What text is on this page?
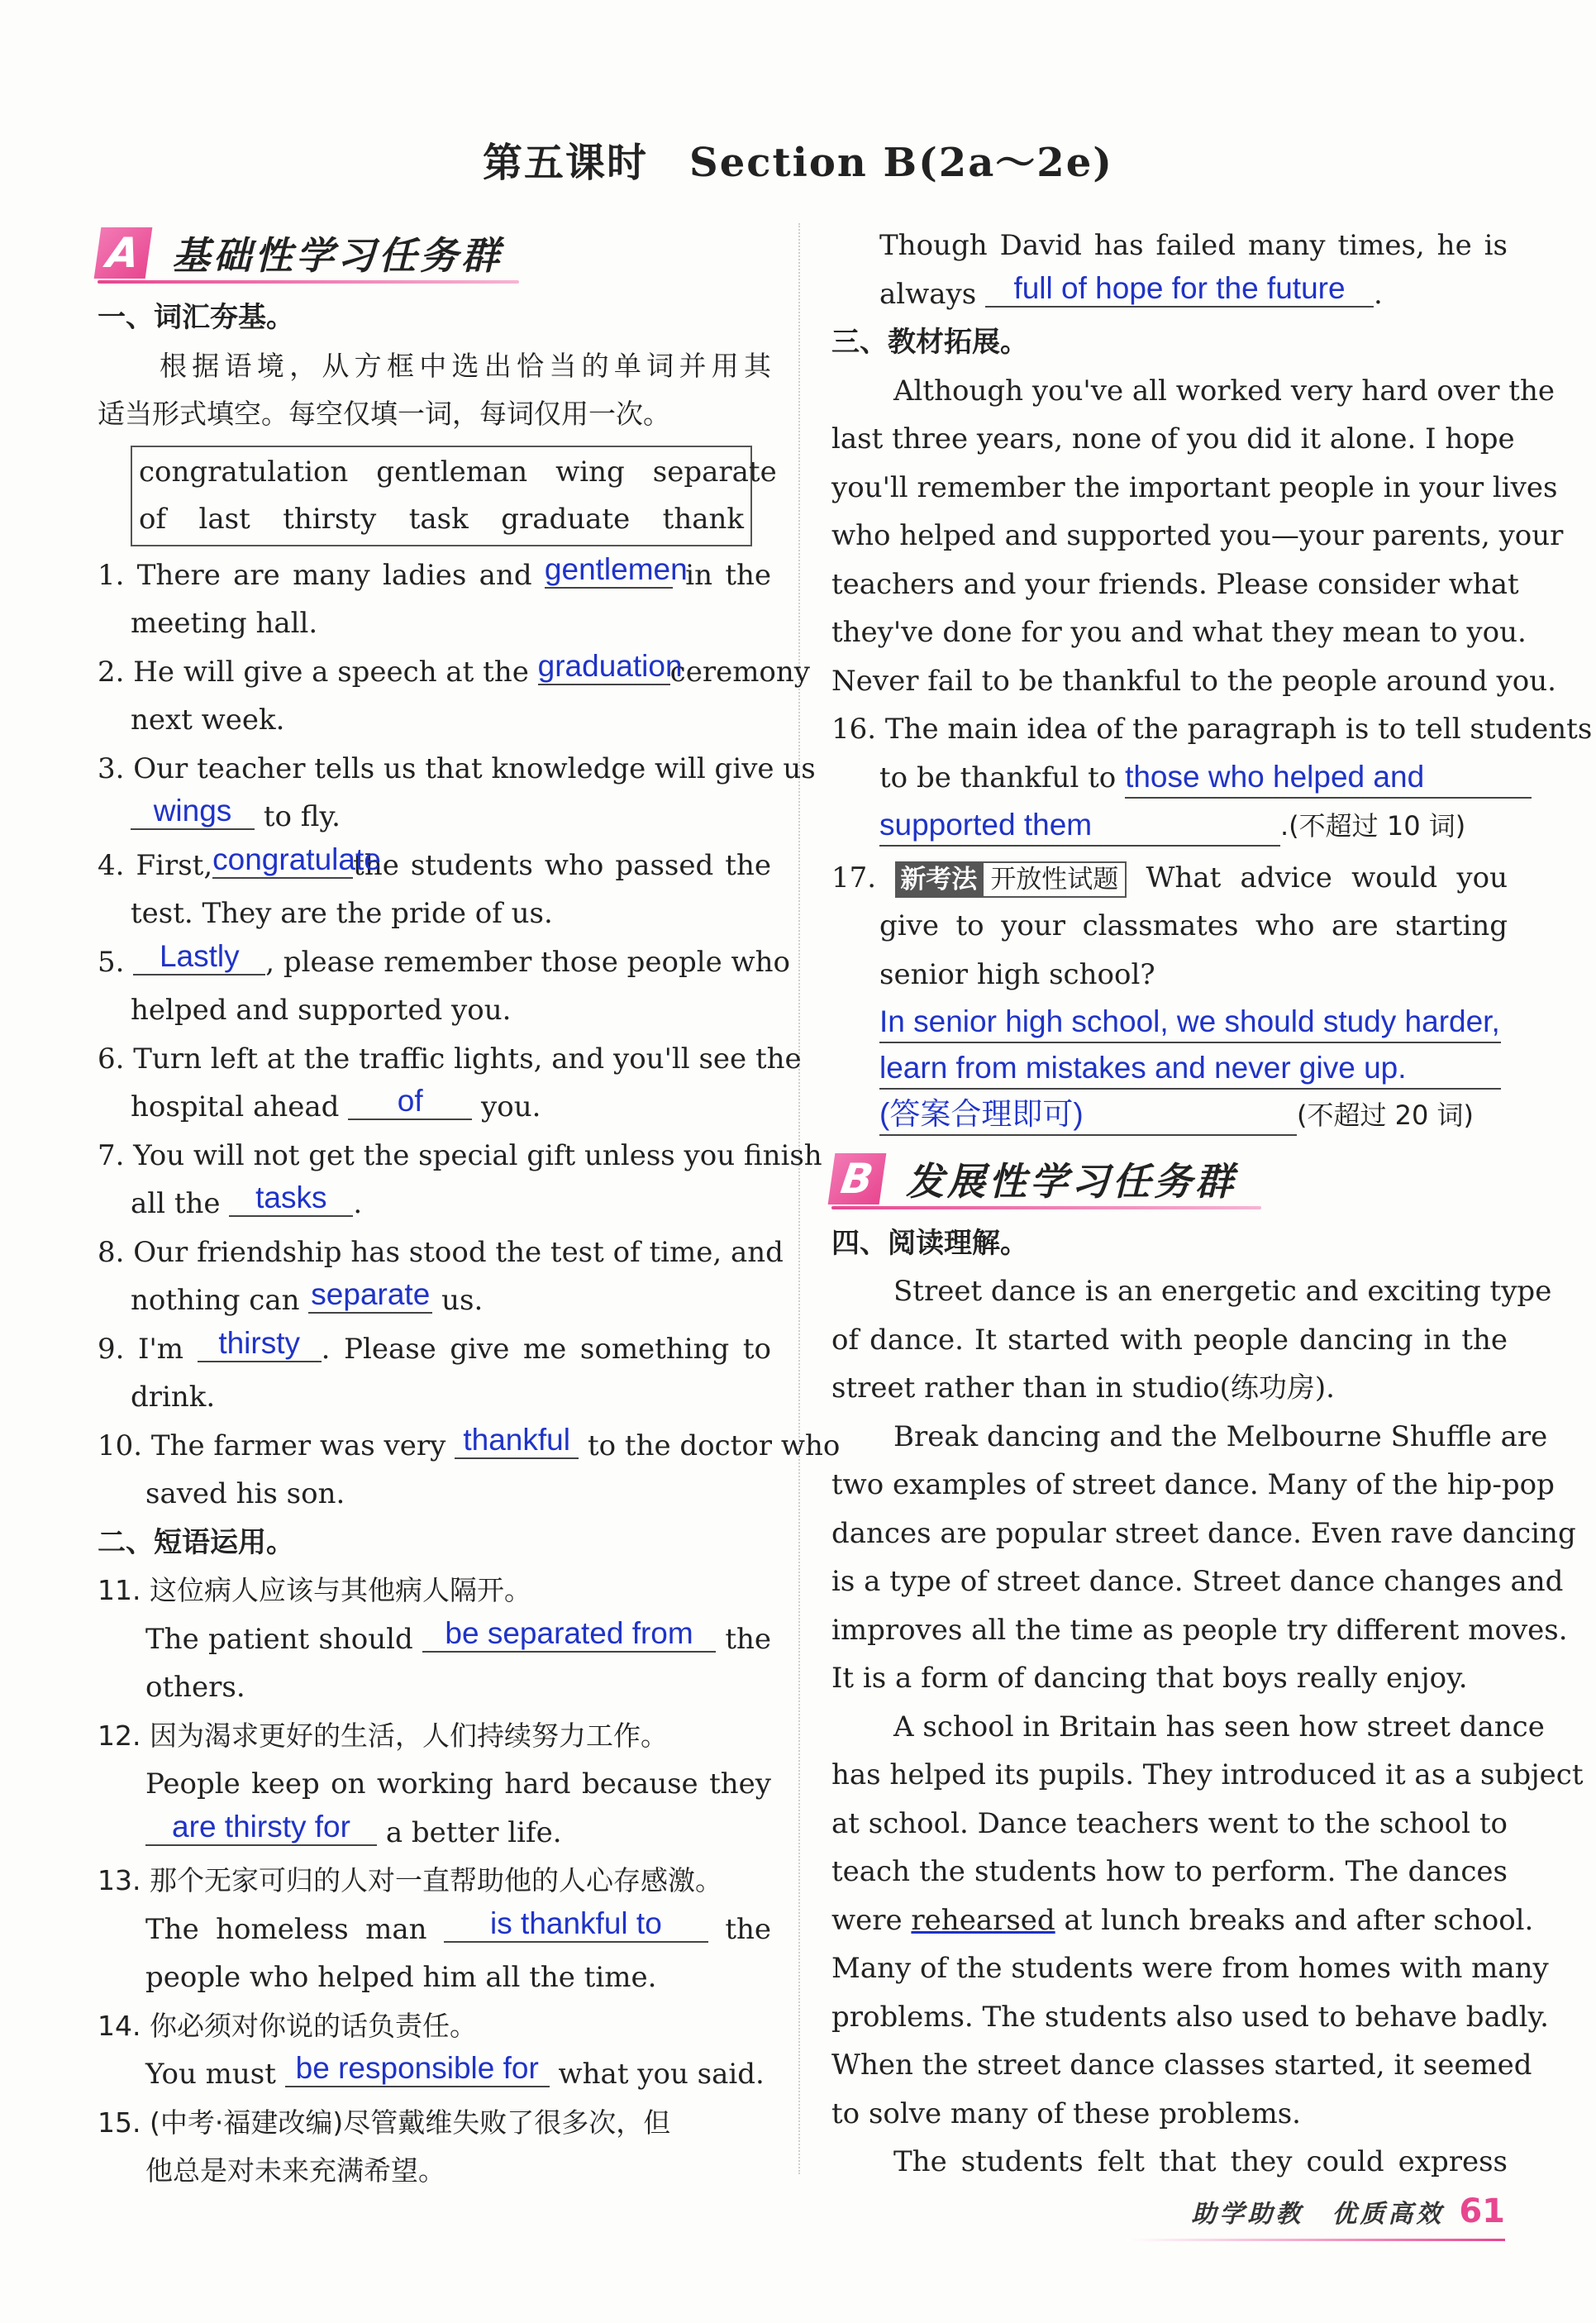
第五课时　Section B(2a～2e)
A 基础性学习任务群
一、词汇夯基。
根据语境，从方框中选出恰当的单词并用其
适当形式填空。每空仅填一词，每词仅用一次。
congratulation　gentleman　wing　separate
of　last　thirsty　task　graduate　thank
1. There are many ladies and gentlemen in the
meeting hall.
2. He will give a speech at the graduationceremony
next week.
3. Our teacher tells us that knowledge will give us
wings to fly.
4. First,congratulatethe students who passed the
test. They are the pride of us.
5. Lastly , please remember those people who
helped and supported you.
6. Turn left at the traffic lights, and you'll see the
hospital ahead of you.
7. You will not get the special gift unless you finish
all the tasks .
8. Our friendship has stood the test of time, and
nothing can separate us.
9. I'm thirsty . Please give me something to
drink.
10. The farmer was very thankful to the doctor who
saved his son.
二、短语运用。
11. 这位病人应该与其他病人隔开。
The patient should be separated from the
others.
12. 因为渴求更好的生活，人们持续努力工作。
People keep on working hard because they
are thirsty for a better life.
13. 那个无家可归的人对一直帮助他的人心存感激。
The homeless man is thankful to the
people who helped him all the time.
14. 你必须对你说的话负责任。
You must be responsible for what you said.
15. (中考·福建改编)尽管戴维失败了很多次，但
他总是对未来充满希望。
Though David has failed many times, he is
always full of hope for the future .
三、教材拓展。
Although you've all worked very hard over the
last three years, none of you did it alone. I hope
you'll remember the important people in your lives
who helped and supported you—your parents, your
teachers and your friends. Please consider what
they've done for you and what they mean to you.
Never fail to be thankful to the people around you.
16. The main idea of the paragraph is to tell students
to be thankful to those who helped and
supported them	.(不超过 10 词)
17. 新考法 开放性试题 What advice would you
give to your classmates who are starting
senior high school?
In senior high school, we should study harder,
learn from mistakes and never give up.
(答案合理即可)	(不超过 20 词)
B 发展性学习任务群
四、阅读理解。
Street dance is an energetic and exciting type
of dance. It started with people dancing in the
street rather than in studio(练功房).
Break dancing and the Melbourne Shuffle are
two examples of street dance. Many of the hip-pop
dances are popular street dance. Even rave dancing
is a type of street dance. Street dance changes and
improves all the time as people try different moves.
It is a form of dancing that boys really enjoy.
A school in Britain has seen how street dance
has helped its pupils. They introduced it as a subject
at school. Dance teachers went to the school to
teach the students how to perform. The dances
were rehearsed at lunch breaks and after school.
Many of the students were from homes with many
problems. The students also used to behave badly.
When the street dance classes started, it seemed
to solve many of these problems.
The students felt that they could express
助学助教　优质高效 61
